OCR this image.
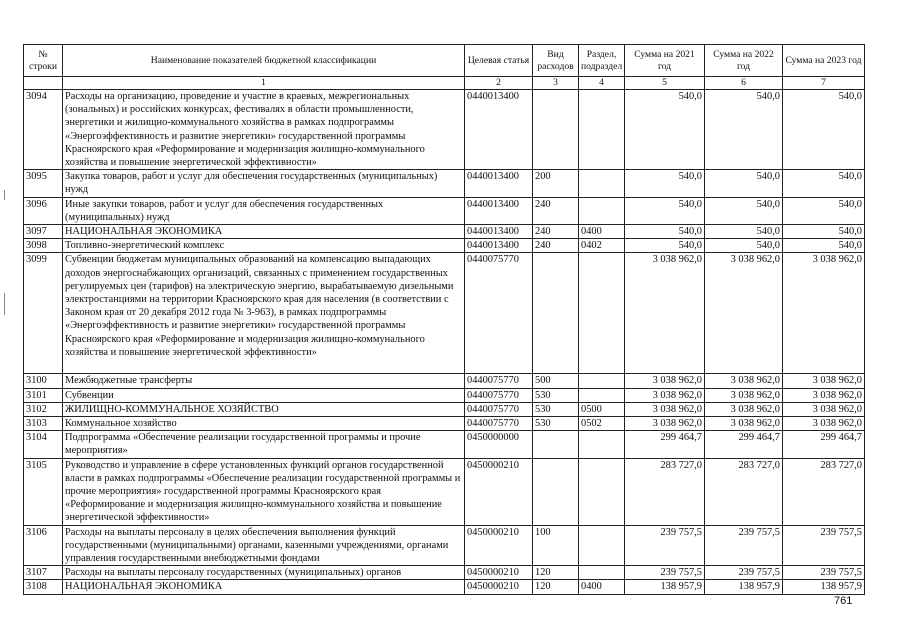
№ строки	Наименование показателей бюджетной классификации	Целевая статья	Вид расходов	Раздел, подраздел	Сумма на 2021 год	Сумма на 2022 год	Сумма на 2023 год
	1	2	3	4	5	6	7
3094	Расходы на организацию, проведение и участие в краевых, межрегиональных (зональных) и российских конкурсах, фестивалях в области промышленности, энергетики и жилищно-коммунального хозяйства в рамках подпрограммы «Энергоэффективность и развитие энергетики» государственной программы Красноярского края «Реформирование и модернизация жилищно-коммунального хозяйства и повышение энергетической эффективности»	0440013400			540,0	540,0	540,0
3095	Закупка товаров, работ и услуг для обеспечения государственных (муниципальных) нужд	0440013400	200		540,0	540,0	540,0
3096	Иные закупки товаров, работ и услуг для обеспечения государственных (муниципальных) нужд	0440013400	240		540,0	540,0	540,0
3097	НАЦИОНАЛЬНАЯ ЭКОНОМИКА	0440013400	240	0400	540,0	540,0	540,0
3098	Топливно-энергетический комплекс	0440013400	240	0402	540,0	540,0	540,0
3099	Субвенции бюджетам муниципальных образований на компенсацию выпадающих доходов энергоснабжающих организаций, связанных с применением государственных регулируемых цен (тарифов) на электрическую энергию, вырабатываемую дизельными электростанциями на территории Красноярского края для населения (в соответствии с Законом края от 20 декабря 2012 года № 3-963), в рамках подпрограммы «Энергоэффективность и развитие энергетики» государственной программы Красноярского края «Реформирование и модернизация жилищно-коммунального хозяйства и повышение энергетической эффективности»	0440075770			3 038 962,0	3 038 962,0	3 038 962,0
3100	Межбюджетные трансферты	0440075770	500		3 038 962,0	3 038 962,0	3 038 962,0
3101	Субвенции	0440075770	530		3 038 962,0	3 038 962,0	3 038 962,0
3102	ЖИЛИЩНО-КОММУНАЛЬНОЕ ХОЗЯЙСТВО	0440075770	530	0500	3 038 962,0	3 038 962,0	3 038 962,0
3103	Коммунальное хозяйство	0440075770	530	0502	3 038 962,0	3 038 962,0	3 038 962,0
3104	Подпрограмма «Обеспечение реализации государственной программы и прочие мероприятия»	0450000000			299 464,7	299 464,7	299 464,7
3105	Руководство и управление в сфере установленных функций органов государственной власти в рамках подпрограммы «Обеспечение реализации государственной программы и прочие мероприятия» государственной программы Красноярского края «Реформирование и модернизация жилищно-коммунального хозяйства и повышение энергетической эффективности»	0450000210			283 727,0	283 727,0	283 727,0
3106	Расходы на выплаты персоналу в целях обеспечения выполнения функций государственными (муниципальными) органами, казенными учреждениями, органами управления государственными внебюджетными фондами	0450000210	100		239 757,5	239 757,5	239 757,5
3107	Расходы на выплаты персоналу государственных (муниципальных) органов	0450000210	120		239 757,5	239 757,5	239 757,5
3108	НАЦИОНАЛЬНАЯ ЭКОНОМИКА	0450000210	120	0400	138 957,9	138 957,9	138 957,9
761
